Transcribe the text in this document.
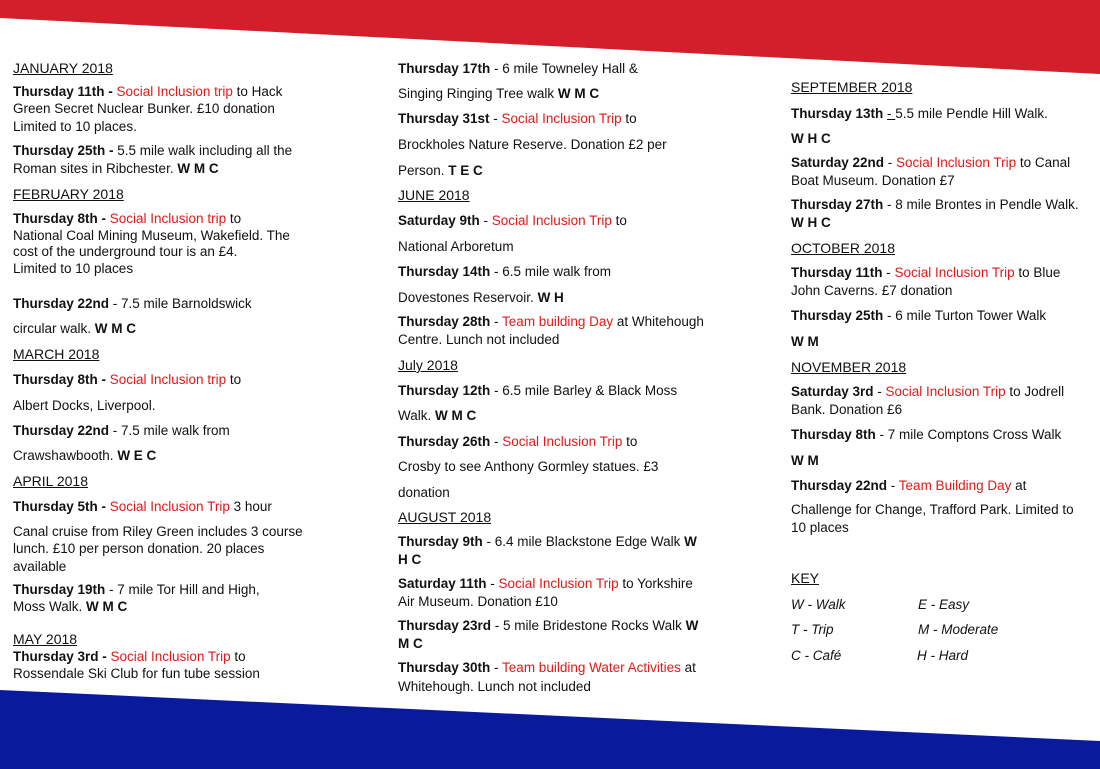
JANUARY 2018

Thursday 11th - Social Inclusion trip to Hack

Green Secret Nuclear Bunker. £10 donation

Limited to 10 places.

Thursday 25th - 5.5 mile walk including all the

Roman sites in Ribchester. W M C

FEBRUARY 2018

Thursday 8th - Social Inclusion trip to

National Coal Mining Museum, Wakefield. The

cost of the underground tour is an £4.

Limited to 10 places

Thursday 22nd - 7.5 mile Barnoldswick

circular walk. W M C

MARCH 2018

Thursday 8th - Social Inclusion trip to

Albert Docks, Liverpool.

Thursday 22nd - 7.5 mile walk from

Crawshawbooth. W E C

APRIL 2018

Thursday 5th - Social Inclusion Trip 3 hour

Canal cruise from Riley Green includes 3 course

lunch. £10 per person donation. 20 places

available

Thursday 19th - 7 mile Tor Hill and High,

Moss Walk. W M C

MAY 2018

Thursday 3rd - Social Inclusion Trip to

Rossendale Ski Club for fun tube session

Thursday 17th - 6 mile Towneley Hall &

Singing Ringing Tree walk W M C

Thursday 31st - Social Inclusion Trip to

Brockholes Nature Reserve. Donation £2 per

Person. T E C

JUNE 2018

Saturday 9th - Social Inclusion Trip to

National Arboretum

Thursday 14th - 6.5 mile walk from

Dovestones Reservoir. W H

Thursday 28th - Team building Day at Whitehough

Centre. Lunch not included

July 2018

Thursday 12th - 6.5 mile Barley & Black Moss

Walk. W M C

Thursday 26th - Social Inclusion Trip to

Crosby to see Anthony Gormley statues. £3

donation

AUGUST 2018

Thursday 9th - 6.4 mile Blackstone Edge Walk W

H C

Saturday 11th - Social Inclusion Trip to Yorkshire

Air Museum. Donation £10

Thursday 23rd - 5 mile Bridestone Rocks Walk W

M C

Thursday 30th - Team building Water Activities at

Whitehough. Lunch not included

SEPTEMBER 2018

Thursday 13th - 5.5 mile Pendle Hill Walk.

W H C

Saturday 22nd - Social Inclusion Trip to Canal

Boat Museum. Donation £7

Thursday 27th - 8 mile Brontes in Pendle Walk.

W H C

OCTOBER 2018

Thursday 11th - Social Inclusion Trip to Blue

John Caverns. £7 donation

Thursday 25th - 6 mile Turton Tower Walk

W M

NOVEMBER 2018

Saturday 3rd - Social Inclusion Trip to Jodrell

Bank. Donation £6

Thursday 8th - 7 mile Comptons Cross Walk

W M

Thursday 22nd - Team Building Day at

Challenge for Change, Trafford Park. Limited to

10 places

KEY

W - Walk	E - Easy
T - Trip	M - Moderate
C - Café	H - Hard
